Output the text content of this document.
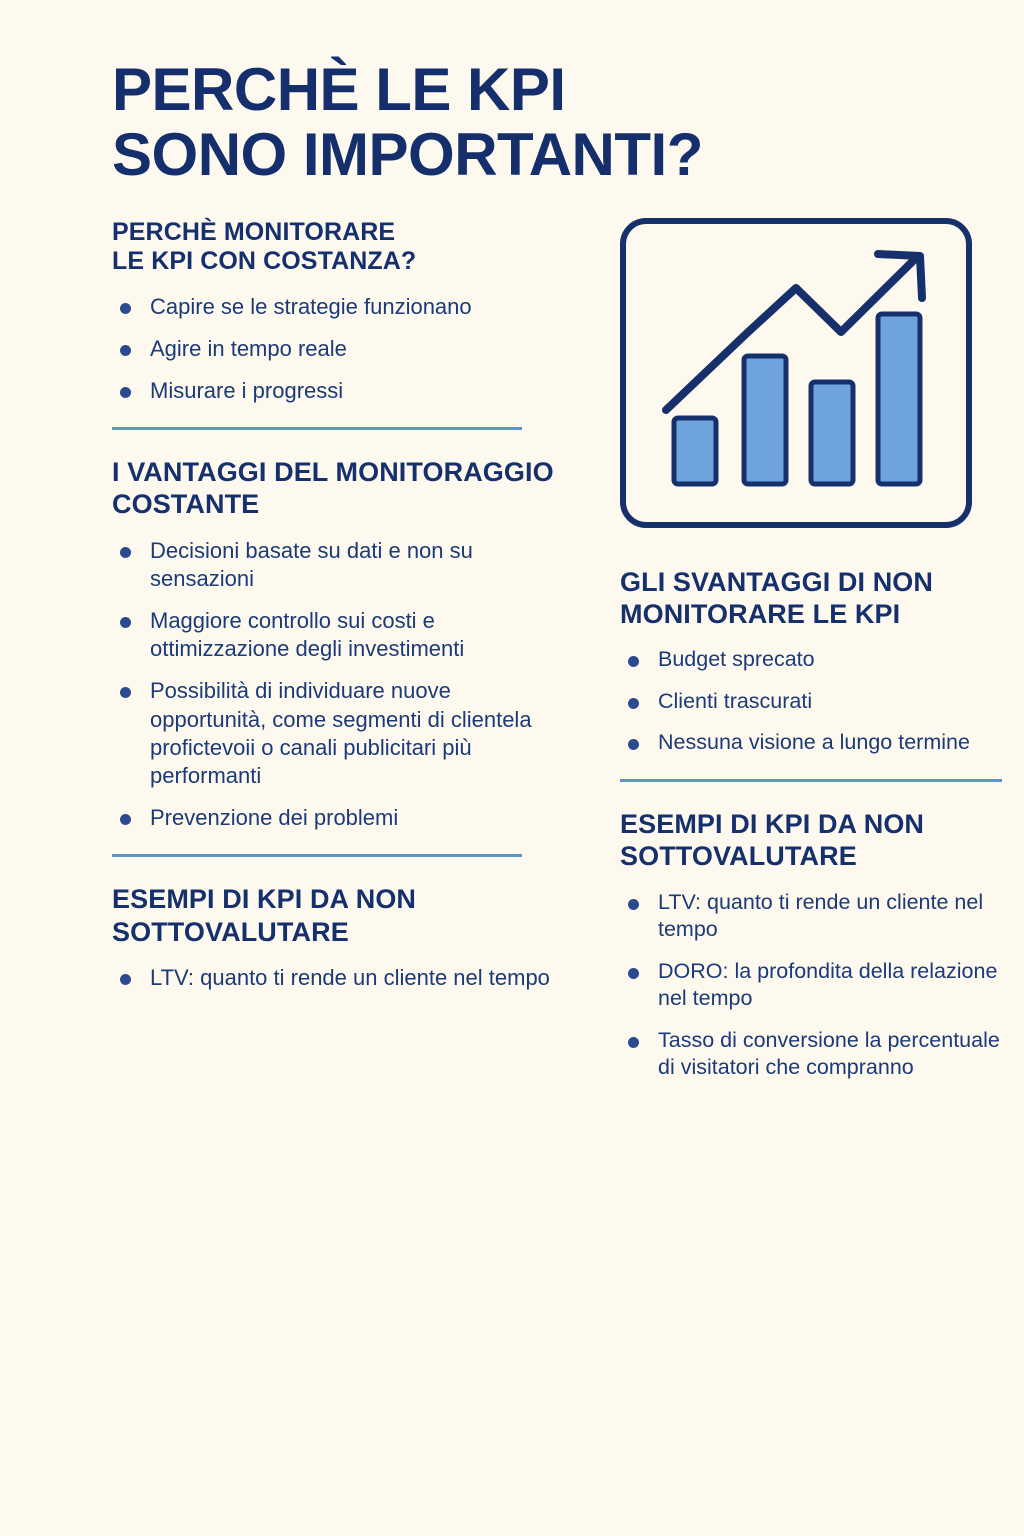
PERCHÈ LE KPI
SONO IMPORTANTI?
PERCHÈ MONITORARE
LE KPI CON COSTANZA?
Capire se le strategie funzionano
Agire in tempo reale
Misurare i progressi
I VANTAGGI DEL MONITORAGGIO COSTANTE
Decisioni basate su dati e non su sensazioni
Maggiore controllo sui costi e ottimizzazione degli investimenti
Possibilità di individuare nuove opportunità, come segmenti di clientela profictevoii o canali publicitari più performanti
Prevenzione dei problemi
ESEMPI DI KPI DA NON SOTTOVALUTARE
LTV: quanto ti rende un cliente nel tempo
GLI SVANTAGGI DI NON MONITORARE LE KPI
Budget sprecato
Clienti trascurati
Nessuna visione a lungo termine
ESEMPI DI KPI DA NON SOTTOVALUTARE
LTV: quanto ti rende un cliente nel tempo
DORO: la profondita della relazione nel tempo
Tasso di conversione la percentuale di visitatori che compranno
